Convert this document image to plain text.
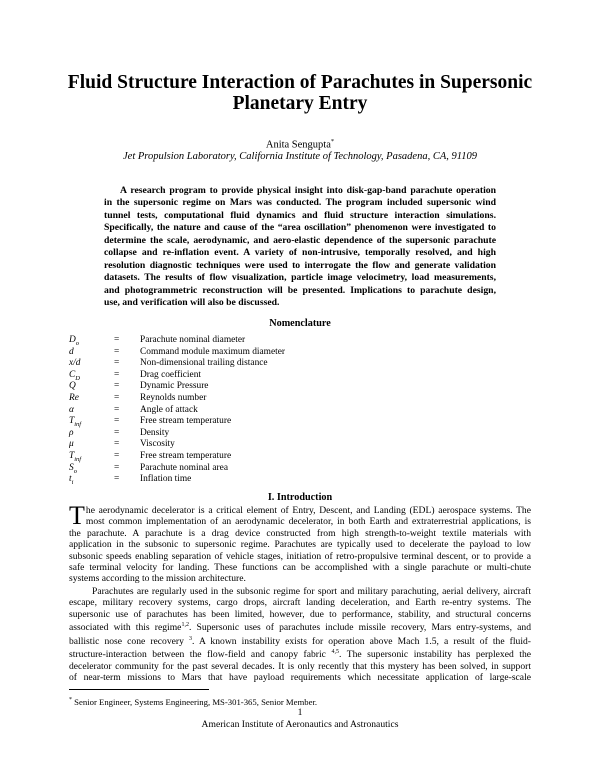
Fluid Structure Interaction of Parachutes in Supersonic
Planetary Entry
Anita Sengupta*
Jet Propulsion Laboratory, California Institute of Technology, Pasadena, CA, 91109
A research program to provide physical insight into disk-gap-band parachute operation
in the supersonic regime on Mars was conducted. The program included supersonic wind
tunnel tests, computational fluid dynamics and fluid structure interaction simulations.
Specifically, the nature and cause of the “area oscillation” phenomenon were investigated to
determine the scale, aerodynamic, and aero-elastic dependence of the supersonic parachute
collapse and re-inflation event. A variety of non-intrusive, temporally resolved, and high
resolution diagnostic techniques were used to interrogate the flow and generate validation
datasets. The results of flow visualization, particle image velocimetry, load measurements,
and photogrammetric reconstruction will be presented. Implications to parachute design,
use, and verification will also be discussed.
Nomenclature
$D_o$	= Parachute nominal diameter
d	= Command module maximum diameter
x/d	= Non-dimensional trailing distance
$C_D$	= Drag coefficient
Q	= Dynamic Pressure
Re	= Reynolds number
α	= Angle of attack
$T_{inf}$	= Free stream temperature
ρ	= Density
μ	= Viscosity
$T_{inf}$	= Free stream temperature
$S_o$	= Parachute nominal area
$t_i$	= Inflation time
I. Introduction
T he aerodynamic decelerator is a critical element of Entry, Descent, and Landing (EDL) aerospace systems. The
most common implementation of an aerodynamic decelerator, in both Earth and extraterrestrial applications, is
the parachute. A parachute is a drag device constructed from high strength-to-weight textile materials with
application in the subsonic to supersonic regime. Parachutes are typically used to decelerate the payload to low
subsonic speeds enabling separation of vehicle stages, initiation of retro-propulsive terminal descent, or to provide a
safe terminal velocity for landing. These functions can be accomplished with a single parachute or multi-chute
systems according to the mission architecture.
Parachutes are regularly used in the subsonic regime for sport and military parachuting, aerial delivery, aircraft
escape, military recovery systems, cargo drops, aircraft landing deceleration, and Earth re-entry systems. The
supersonic use of parachutes has been limited, however, due to performance, stability, and structural concerns
associated with this regime$^{1,2}$. Supersonic uses of parachutes include missile recovery, Mars entry-systems, and
ballistic nose cone recovery $^3$. A known instability exists for operation above Mach 1.5, a result of the fluid-
structure-interaction between the flow-field and canopy fabric $^{4,5}$. The supersonic instability has perplexed the
decelerator community for the past several decades. It is only recently that this mystery has been solved, in support
of near-term missions to Mars that have payload requirements which necessitate application of large-scale
* Senior Engineer, Systems Engineering, MS-301-365, Senior Member.
1
American Institute of Aeronautics and Astronautics
